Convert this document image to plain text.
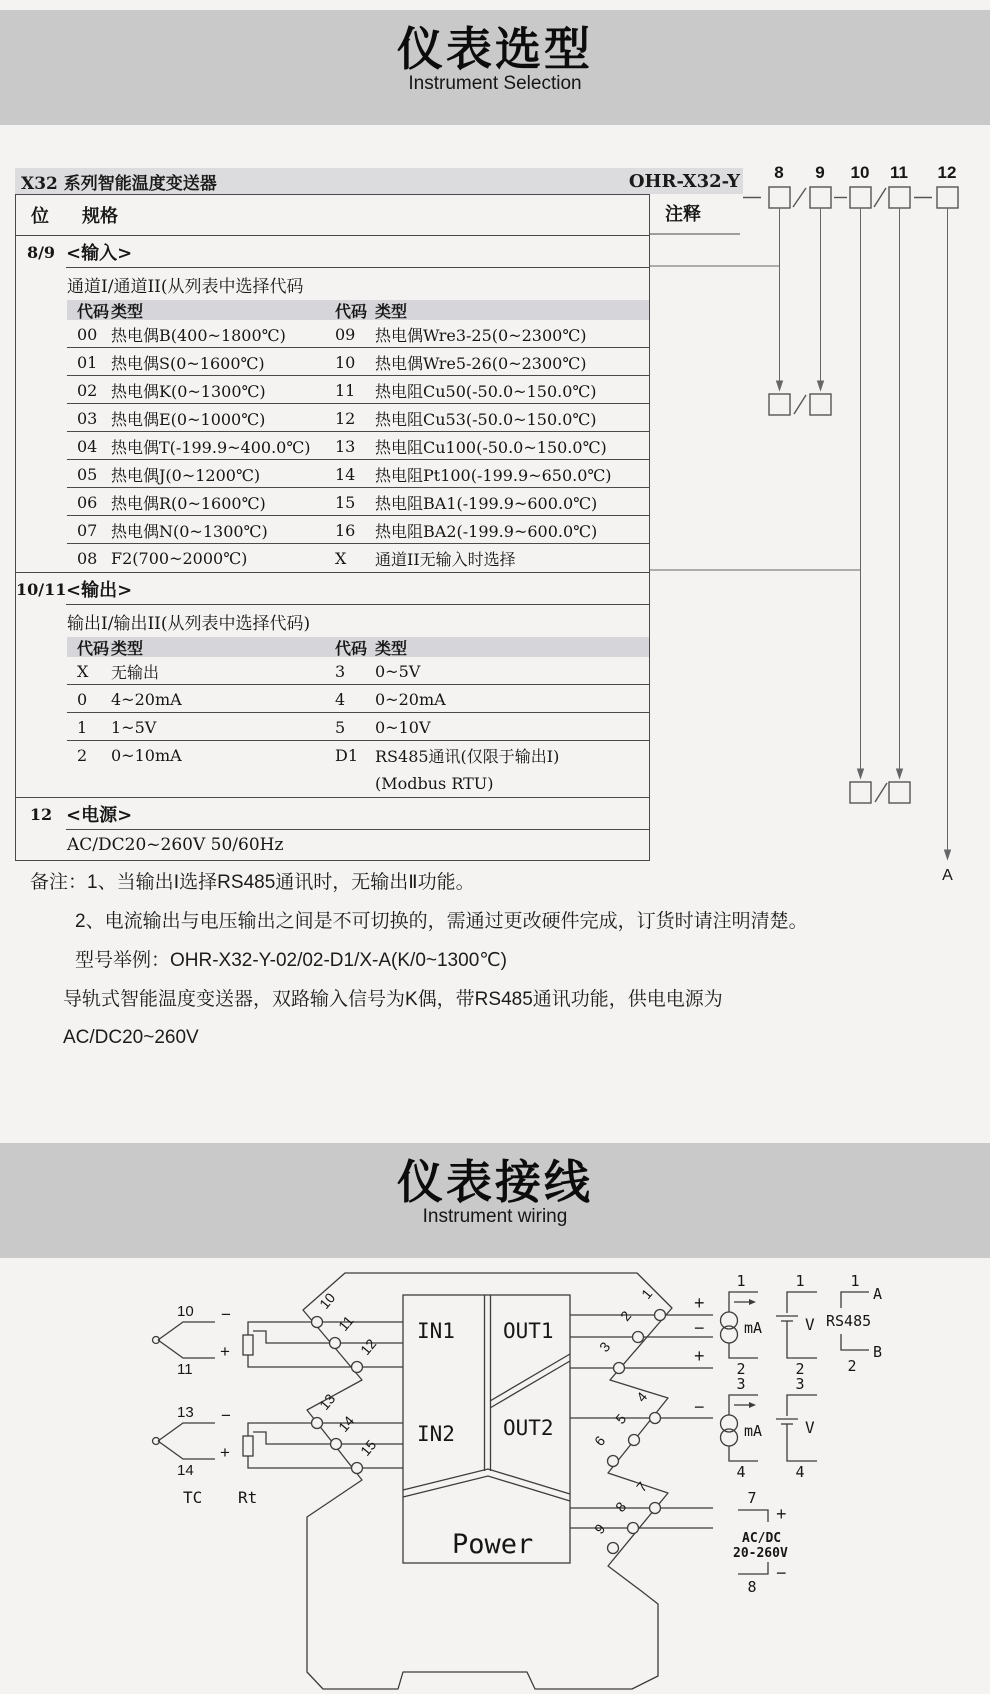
仪表选型
Instrument Selection
X32 系列智能温度变送器	OHR-X32-Y
位	规格
8/9 <输入>
通道I/通道II(从列表中选择代码
代码 类型	代码 类型
00 热电偶B(400~1800℃)	09	热电偶Wre3-25(0~2300℃)
01 热电偶S(0~1600℃)	10	热电偶Wre5-26(0~2300℃)
02 热电偶K(0~1300℃)	11	热电阻Cu50(-50.0~150.0℃)
03 热电偶E(0~1000℃)	12	热电阻Cu53(-50.0~150.0℃)
04 热电偶T(-199.9~400.0℃)	13	热电阻Cu100(-50.0~150.0℃)
05 热电偶J(0~1200℃)	14	热电阻Pt100(-199.9~650.0℃)
06 热电偶R(0~1600℃)	15	热电阻BA1(-199.9~600.0℃)
07 热电偶N(0~1300℃)	16	热电阻BA2(-199.9~600.0℃)
08 F2(700~2000℃)	X	通道II无输入时选择
10/11 <输出>
输出I/输出II(从列表中选择代码)
代码 类型	代码 类型
X	无输出	3	0~5V
0	4~20mA	4	0~20mA
1	1~5V	5	0~10V
2	0~10mA	D1	RS485通讯(仅限于输出Ⅰ)
(Modbus RTU)
12 <电源>
AC/DC20~260V 50/60Hz
注释
8 9 10 11 12
A
备注：1、当输出Ⅰ选择RS485通讯时，无输出Ⅱ功能。
2、电流输出与电压输出之间是不可切换的，需通过更改硬件完成，订货时请注明清楚。
型号举例：OHR-X32-Y-02/02-D1/X-A(K/0~1300℃)
导轨式智能温度变送器，双路输入信号为K偶，带RS485通讯功能，供电电源为
AC/DC20~260V
仪表接线
Instrument wiring
IN1 OUT1
IN2 OUT2
Power
10
11
12
13
14
15
1
2
3
4
5
6
7
8
9
10 −
+
11
13 −
+
14
TC Rt
+
−
+
−
1
mA
2
1
V
2
1
A
RS485
B
2
3
mA
4
3
V
4
7
+
AC/DC
20-260V
−
8
